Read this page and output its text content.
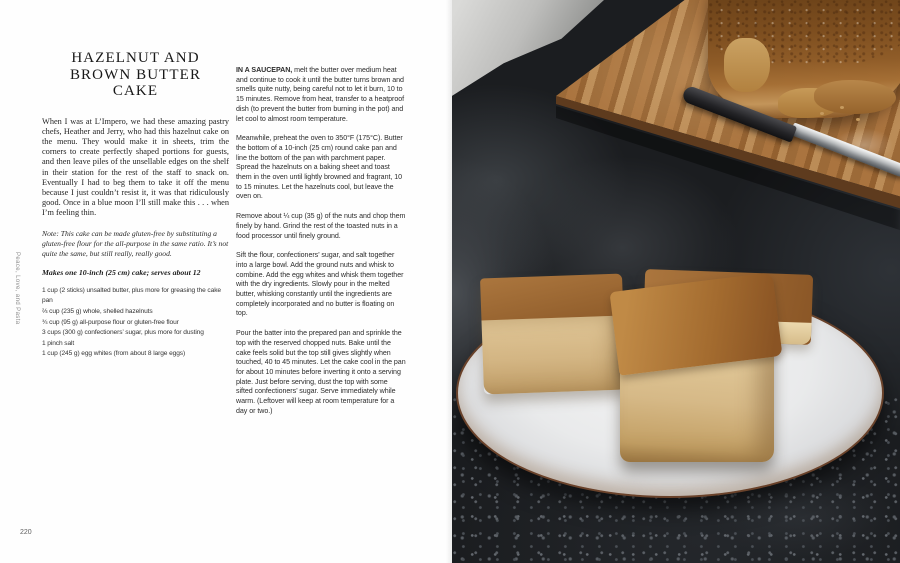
Peace, Love, and Pasta
220
HAZELNUT AND
BROWN BUTTER
CAKE

When I was at L’Impero, we had these amazing pastry chefs, Heather and Jerry, who had this hazelnut cake on the menu. They would make it in sheets, trim the corners to create perfectly shaped portions for guests, and then leave piles of the unsellable edges on the shelf in their station for the rest of the staff to snack on. Eventually I had to beg them to take it off the menu because I just couldn’t resist it, it was that ridiculously good. Once in a blue moon I’ll still make this . . . when I’m feeling thin.

Note: This cake can be made gluten-free by substituting a gluten-free flour for the all-purpose in the same ratio. It’s not quite the same, but still really, really good.

Makes one 10-inch (25 cm) cake; serves about 12

1 cup (2 sticks) unsalted butter, plus more for greasing the cake pan
⅔ cup (235 g) whole, shelled hazelnuts
¾ cup (95 g) all-purpose flour or gluten-free flour
3 cups (300 g) confectioners’ sugar, plus more for dusting
1 pinch salt
1 cup (245 g) egg whites (from about 8 large eggs)

IN A SAUCEPAN, melt the butter over medium heat and continue to cook it until the butter turns brown and smells quite nutty, being careful not to let it burn, 10 to 15 minutes. Remove from heat, transfer to a heatproof dish (to prevent the butter from burning in the pot) and let cool to almost room temperature.

Meanwhile, preheat the oven to 350°F (175°C). Butter the bottom of a 10-inch (25 cm) round cake pan and line the bottom of the pan with parchment paper. Spread the hazelnuts on a baking sheet and toast them in the oven until lightly browned and fragrant, 10 to 15 minutes. Let the hazelnuts cool, but leave the oven on.

Remove about ¼ cup (35 g) of the nuts and chop them finely by hand. Grind the rest of the toasted nuts in a food processor until finely ground.

Sift the flour, confectioners’ sugar, and salt together into a large bowl. Add the ground nuts and whisk to combine. Add the egg whites and whisk them together with the dry ingredients. Slowly pour in the melted butter, whisking constantly until the ingredients are completely incorporated and no butter is floating on top.

Pour the batter into the prepared pan and sprinkle the top with the reserved chopped nuts. Bake until the cake feels solid but the top still gives slightly when touched, 40 to 45 minutes. Let the cake cool in the pan for about 10 minutes before inverting it onto a serving plate. Just before serving, dust the top with some sifted confectioners’ sugar. Serve immediately while warm. (Leftover will keep at room temperature for a day or two.)
